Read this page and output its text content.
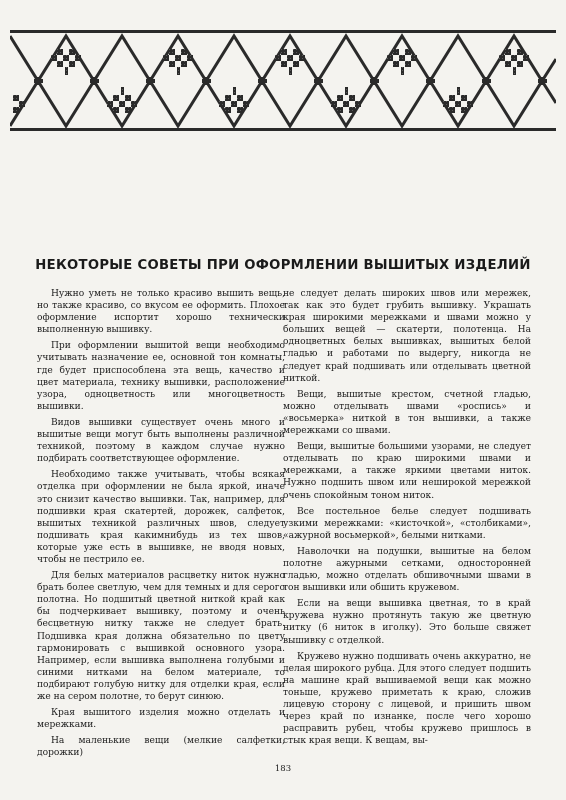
НЕКОТОРЫЕ СОВЕТЫ ПРИ ОФОРМЛЕНИИ ВЫШИТЫХ ИЗДЕЛИЙ

Нужно уметь не только красиво вышить вещь, но также красиво, со вкусом ее оформить. Плохое оформление испортит хорошо технически выполненную вышивку.

При оформлении вышитой вещи необходимо учитывать назначение ее, основной тон комнаты, где будет приспособлена эта вещь, качество и цвет материала, технику вышивки, расположение узора, одноцветность или многоцветность вышивки.

Видов вышивки существует очень много и вышитые вещи могут быть выполнены различной техникой, поэтому в каждом случае нужно подбирать соответствующее оформление.

Необходимо также учитывать, чтобы всякая отделка при оформлении не была яркой, иначе это снизит качество вышивки. Так, например, для подшивки края скатертей, дорожек, салфеток, вышитых техникой различных швов, следует подшивать края какимнибудь из тех швов, которые уже есть в вышивке, не вводя новых, чтобы не пестрило ее.

Для белых материалов расцветку ниток нужно брать более светлую, чем для темных и для серого полотна. Но подшитый цветной ниткой край как бы подчеркивает вышивку, поэтому и очень бесцветную нитку также не следует брать. Подшивка края должна обязательно по цвету гармонировать с вышивкой основного узора. Например, если вышивка выполнена голубыми и синими нитками на белом материале, то подбирают голубую нитку для отделки края, если же на сером полотне, то берут синюю.

Края вышитого изделия можно отделать и мережками.

На маленькие вещи (мелкие салфетки, дорожки)

не следует делать широких швов или мережек, так как это будет грубить вышивку. Украшать края широкими мережками и швами можно у больших вещей — скатерти, полотенца. На одноцветных белых вышивках, вышитых белой гладью и работами по выдергу, никогда не следует край подшивать или отделывать цветной ниткой.

Вещи, вышитые крестом, счетной гладью, можно отделывать швами «роспись» и «восьмерка» ниткой в тон вышивки, а также мережками со швами.

Вещи, вышитые большими узорами, не следует отделывать по краю широкими швами и мережками, а также яркими цветами ниток. Нужно подшить швом или неширокой мережкой очень спокойным тоном ниток.

Все постельное белье следует подшивать узкими мережками: «кисточкой», «столбиками», «ажурной восьмеркой», белыми нитками.

Наволочки на подушки, вышитые на белом полотне ажурными сетками, односторонней гладью, можно отделать обшивочными швами в тон вышивки или обшить кружевом.

Если на вещи вышивка цветная, то в край кружева нужно протянуть такую же цветную нитку (6 ниток в иголку). Это больше свяжет вышивку с отделкой.

Кружево нужно подшивать очень аккуратно, не делая широкого рубца. Для этого следует подшить на машине край вышиваемой вещи как можно тоньше, кружево приметать к краю, сложив лицевую сторону с лицевой, и пришить швом через край по изнанке, после чего хорошо расправить рубец, чтобы кружево пришлось в стык края вещи. К вещам, вы-

183
